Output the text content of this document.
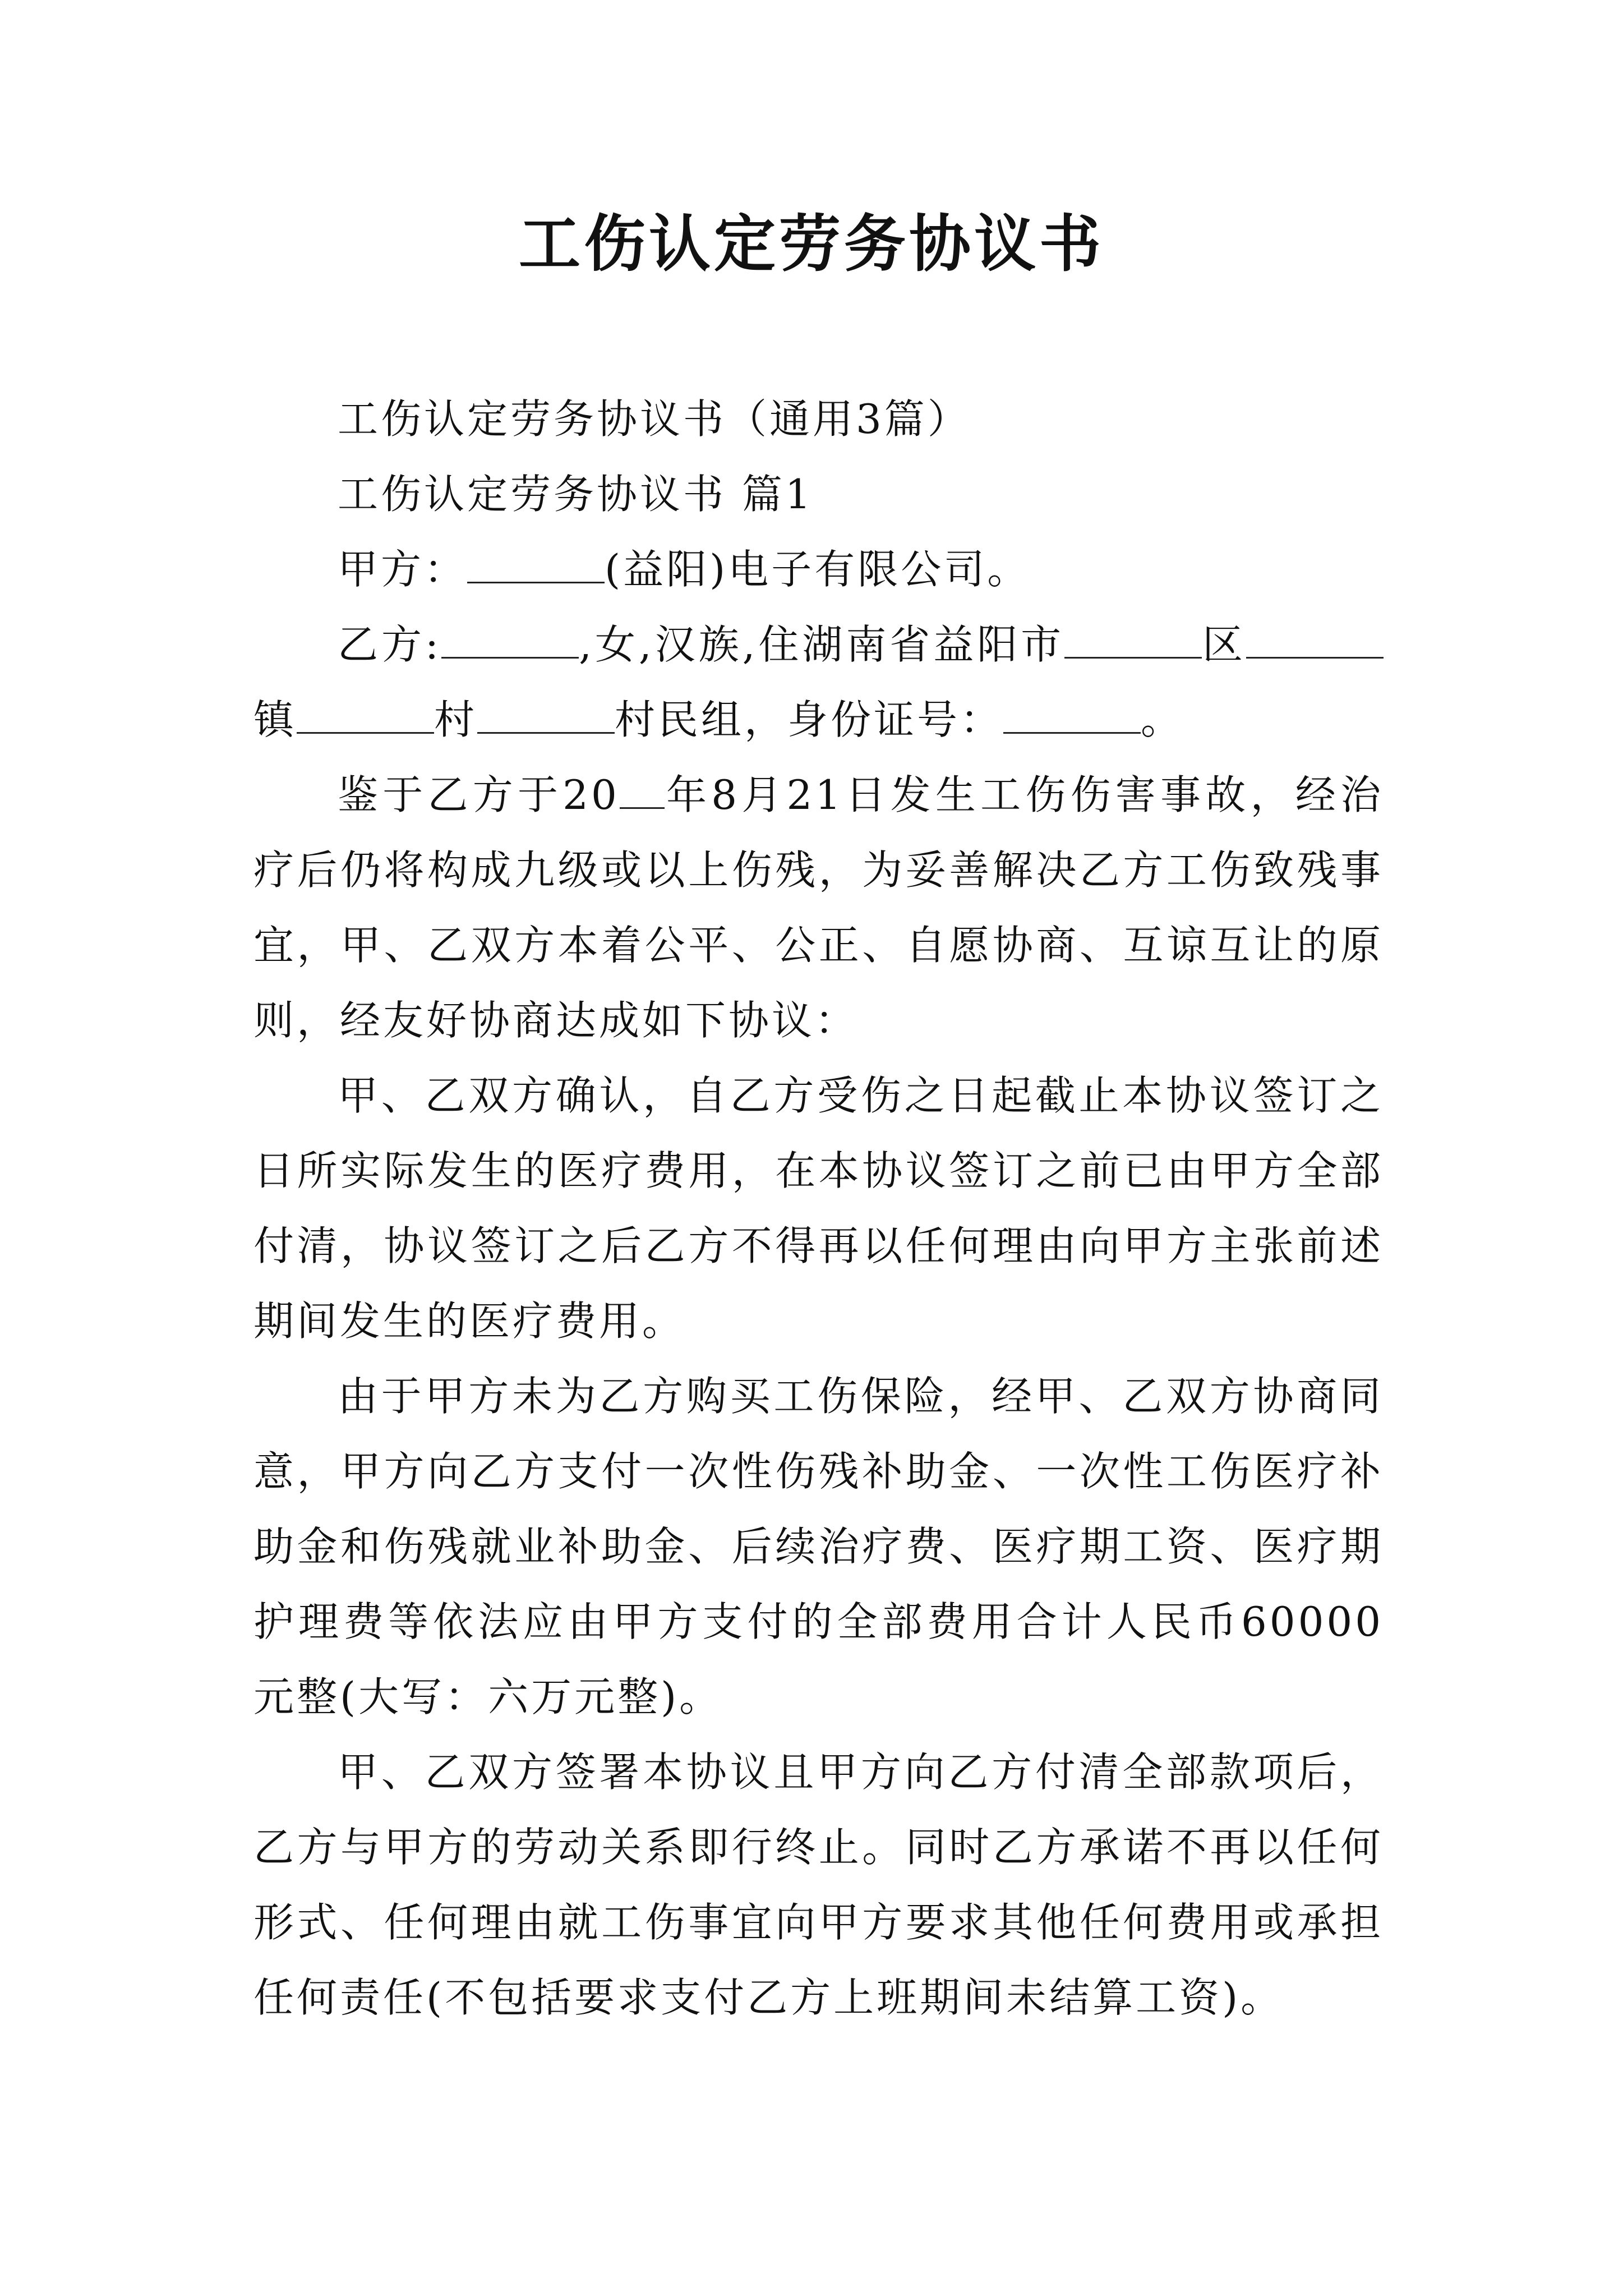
工伤认定劳务协议书

工伤认定劳务协议书（通用3篇）

工伤认定劳务协议书 篇1

甲方：	(益阳)电子有限公司。

乙方:	,女,汉族,住湖南省益阳市	区镇	村	村民组，身份证号：	。

鉴于乙方于20 年8月21日发生工伤伤害事故，经治疗后仍将构成九级或以上伤残，为妥善解决乙方工伤致残事宜，甲、乙双方本着公平、公正、自愿协商、互谅互让的原则，经友好协商达成如下协议：

甲、乙双方确认，自乙方受伤之日起截止本协议签订之日所实际发生的医疗费用，在本协议签订之前已由甲方全部付清，协议签订之后乙方不得再以任何理由向甲方主张前述期间发生的医疗费用。

由于甲方未为乙方购买工伤保险，经甲、乙双方协商同意，甲方向乙方支付一次性伤残补助金、一次性工伤医疗补助金和伤残就业补助金、后续治疗费、医疗期工资、医疗期护理费等依法应由甲方支付的全部费用合计人民币60000元整(大写：六万元整)。

甲、乙双方签署本协议且甲方向乙方付清全部款项后，乙方与甲方的劳动关系即行终止。同时乙方承诺不再以任何形式、任何理由就工伤事宜向甲方要求其他任何费用或承担任何责任(不包括要求支付乙方上班期间未结算工资)。
